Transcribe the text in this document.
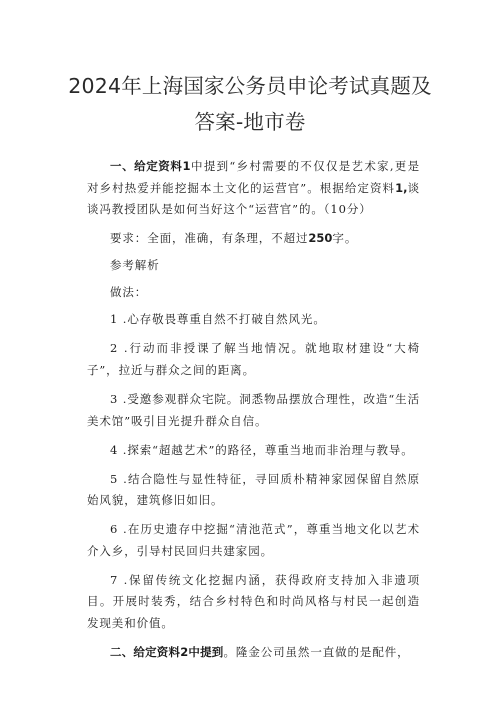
2024年上海国家公务员申论考试真题及答案-地市卷

一、给定资料1中提到“乡村需要的不仅仅是艺术家,更是对乡村热爱并能挖掘本土文化的运营官”。根据给定资料1,谈谈冯教授团队是如何当好这个“运营官”的。（10分）

要求：全面，准确，有条理，不超过250字。

参考解析

做法：

1 .心存敬畏尊重自然不打破自然风光。

2 .行动而非授课了解当地情况。就地取材建设“大椅子”，拉近与群众之间的距离。

3 .受邀参观群众宅院。洞悉物品摆放合理性，改造“生活美术馆”吸引目光提升群众自信。

4 .探索“超越艺术”的路径，尊重当地而非治理与教导。

5 .结合隐性与显性特征，寻回质朴精神家园保留自然原始风貌，建筑修旧如旧。

6 .在历史遗存中挖掘“清池范式”，尊重当地文化以艺术介入乡，引导村民回归共建家园。

7 .保留传统文化挖掘内涵，获得政府支持加入非遗项目。开展时装秀，结合乡村特色和时尚风格与村民一起创造发现美和价值。

二、给定资料2中提到。隆金公司虽然一直做的是配件，
